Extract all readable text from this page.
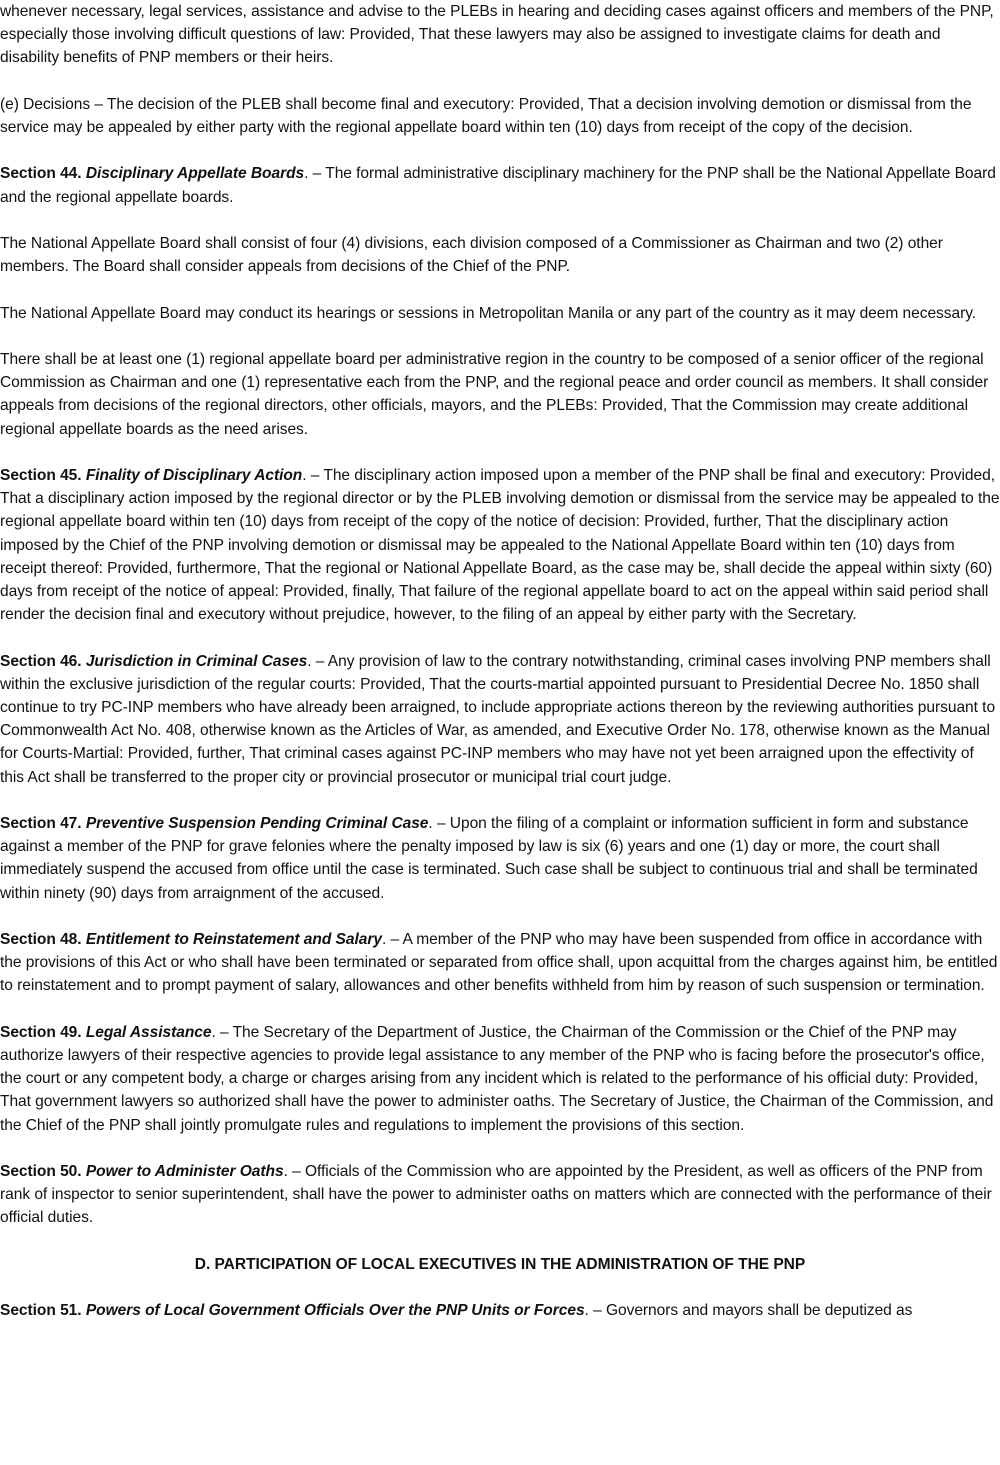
whenever necessary, legal services, assistance and advise to the PLEBs in hearing and deciding cases against officers and members of the PNP, especially those involving difficult questions of law: Provided, That these lawyers may also be assigned to investigate claims for death and disability benefits of PNP members or their heirs.

(e) Decisions – The decision of the PLEB shall become final and executory: Provided, That a decision involving demotion or dismissal from the service may be appealed by either party with the regional appellate board within ten (10) days from receipt of the copy of the decision.

Section 44. Disciplinary Appellate Boards. – The formal administrative disciplinary machinery for the PNP shall be the National Appellate Board and the regional appellate boards.

The National Appellate Board shall consist of four (4) divisions, each division composed of a Commissioner as Chairman and two (2) other members. The Board shall consider appeals from decisions of the Chief of the PNP.

The National Appellate Board may conduct its hearings or sessions in Metropolitan Manila or any part of the country as it may deem necessary.

There shall be at least one (1) regional appellate board per administrative region in the country to be composed of a senior officer of the regional Commission as Chairman and one (1) representative each from the PNP, and the regional peace and order council as members. It shall consider appeals from decisions of the regional directors, other officials, mayors, and the PLEBs: Provided, That the Commission may create additional regional appellate boards as the need arises.

Section 45. Finality of Disciplinary Action. – The disciplinary action imposed upon a member of the PNP shall be final and executory: Provided, That a disciplinary action imposed by the regional director or by the PLEB involving demotion or dismissal from the service may be appealed to the regional appellate board within ten (10) days from receipt of the copy of the notice of decision: Provided, further, That the disciplinary action imposed by the Chief of the PNP involving demotion or dismissal may be appealed to the National Appellate Board within ten (10) days from receipt thereof: Provided, furthermore, That the regional or National Appellate Board, as the case may be, shall decide the appeal within sixty (60) days from receipt of the notice of appeal: Provided, finally, That failure of the regional appellate board to act on the appeal within said period shall render the decision final and executory without prejudice, however, to the filing of an appeal by either party with the Secretary.

Section 46. Jurisdiction in Criminal Cases. – Any provision of law to the contrary notwithstanding, criminal cases involving PNP members shall within the exclusive jurisdiction of the regular courts: Provided, That the courts-martial appointed pursuant to Presidential Decree No. 1850 shall continue to try PC-INP members who have already been arraigned, to include appropriate actions thereon by the reviewing authorities pursuant to Commonwealth Act No. 408, otherwise known as the Articles of War, as amended, and Executive Order No. 178, otherwise known as the Manual for Courts-Martial: Provided, further, That criminal cases against PC-INP members who may have not yet been arraigned upon the effectivity of this Act shall be transferred to the proper city or provincial prosecutor or municipal trial court judge.

Section 47. Preventive Suspension Pending Criminal Case. – Upon the filing of a complaint or information sufficient in form and substance against a member of the PNP for grave felonies where the penalty imposed by law is six (6) years and one (1) day or more, the court shall immediately suspend the accused from office until the case is terminated. Such case shall be subject to continuous trial and shall be terminated within ninety (90) days from arraignment of the accused.

Section 48. Entitlement to Reinstatement and Salary. – A member of the PNP who may have been suspended from office in accordance with the provisions of this Act or who shall have been terminated or separated from office shall, upon acquittal from the charges against him, be entitled to reinstatement and to prompt payment of salary, allowances and other benefits withheld from him by reason of such suspension or termination.

Section 49. Legal Assistance. – The Secretary of the Department of Justice, the Chairman of the Commission or the Chief of the PNP may authorize lawyers of their respective agencies to provide legal assistance to any member of the PNP who is facing before the prosecutor's office, the court or any competent body, a charge or charges arising from any incident which is related to the performance of his official duty: Provided, That government lawyers so authorized shall have the power to administer oaths. The Secretary of Justice, the Chairman of the Commission, and the Chief of the PNP shall jointly promulgate rules and regulations to implement the provisions of this section.

Section 50. Power to Administer Oaths. – Officials of the Commission who are appointed by the President, as well as officers of the PNP from rank of inspector to senior superintendent, shall have the power to administer oaths on matters which are connected with the performance of their official duties.

D. PARTICIPATION OF LOCAL EXECUTIVES IN THE ADMINISTRATION OF THE PNP

Section 51. Powers of Local Government Officials Over the PNP Units or Forces. – Governors and mayors shall be deputized as
